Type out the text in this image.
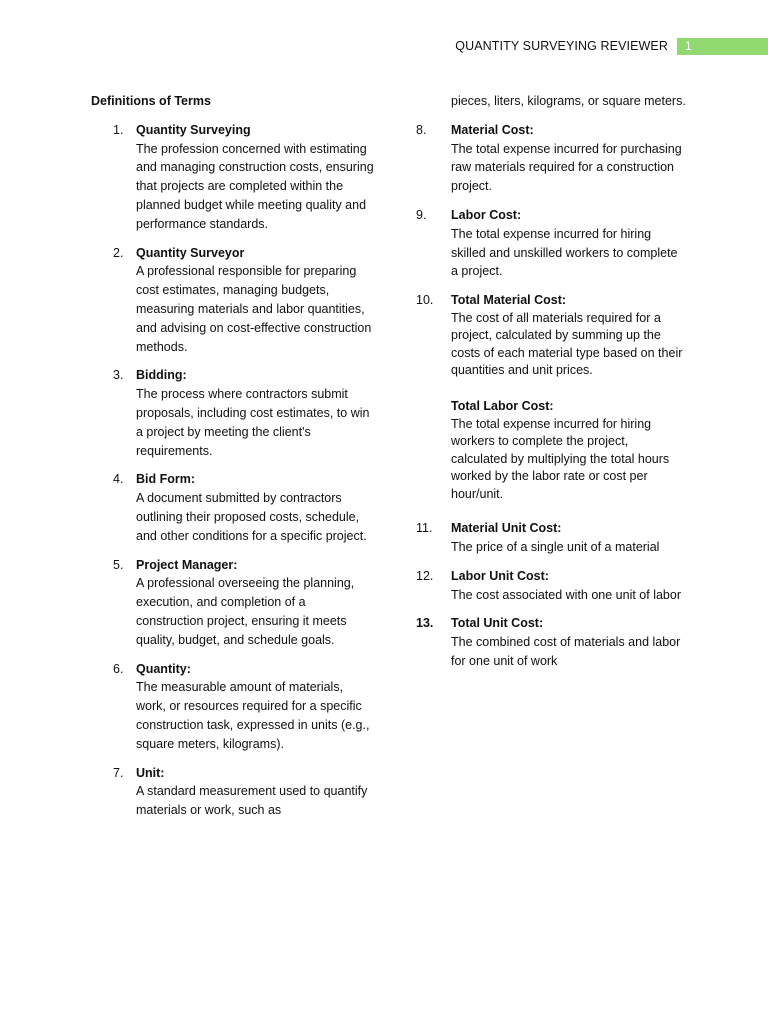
QUANTITY SURVEYING REVIEWER	1
Definitions of Terms
1. Quantity Surveying

The profession concerned with estimating and managing construction costs, ensuring that projects are completed within the planned budget while meeting quality and performance standards.

2. Quantity Surveyor

A professional responsible for preparing cost estimates, managing budgets, measuring materials and labor quantities, and advising on cost-effective construction methods.

3. Bidding:

The process where contractors submit proposals, including cost estimates, to win a project by meeting the client's requirements.

4. Bid Form:

A document submitted by contractors outlining their proposed costs, schedule, and other conditions for a specific project.

5. Project Manager:

A professional overseeing the planning, execution, and completion of a construction project, ensuring it meets quality, budget, and schedule goals.

6. Quantity:

The measurable amount of materials, work, or resources required for a specific construction task, expressed in units (e.g., square meters, kilograms).

7. Unit:

A standard measurement used to quantify materials or work, such as

pieces, liters, kilograms, or square meters.
8. Material Cost:

The total expense incurred for purchasing raw materials required for a construction project.

9. Labor Cost:

The total expense incurred for hiring skilled and unskilled workers to complete a project.

10. Total Material Cost:

The cost of all materials required for a project, calculated by summing up the costs of each material type based on their quantities and unit prices.

Total Labor Cost:

The total expense incurred for hiring workers to complete the project, calculated by multiplying the total hours worked by the labor rate or cost per hour/unit.

11. Material Unit Cost:

The price of a single unit of a material

12. Labor Unit Cost:

The cost associated with one unit of labor

13. Total Unit Cost:

The combined cost of materials and labor for one unit of work
